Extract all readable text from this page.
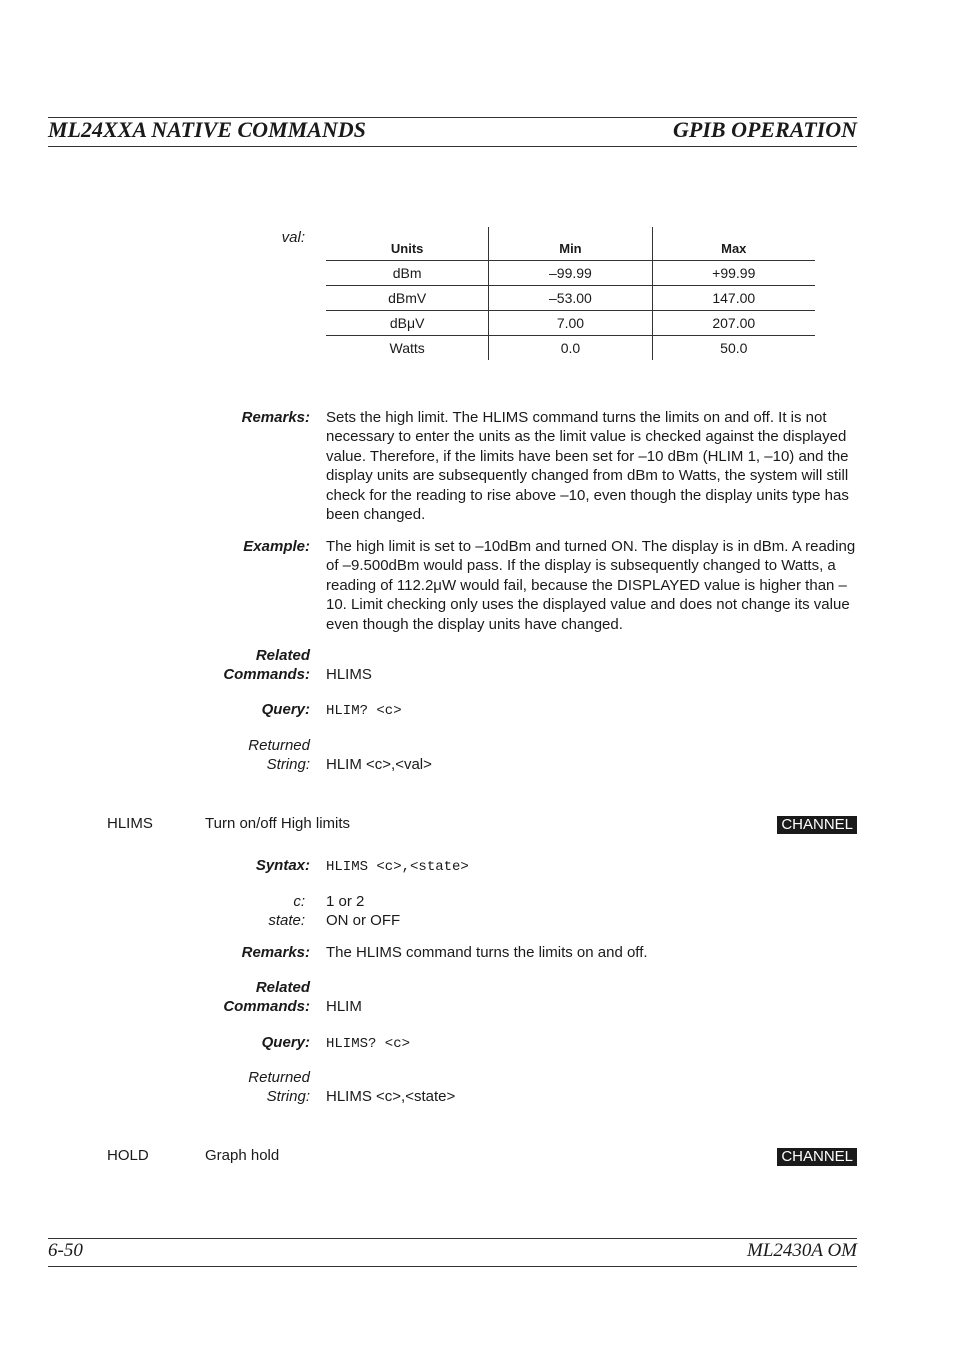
ML24XXA NATIVE COMMANDS	GPIB OPERATION
val:
Units	Min	Max
dBm	–99.99	+99.99
dBmV	–53.00	147.00
dBμV	7.00	207.00
Watts	0.0	50.0
Remarks: Sets the high limit. The HLIMS command turns the limits on and off. It is not necessary to enter the units as the limit value is checked against the displayed value. Therefore, if the limits have been set for –10 dBm (HLIM 1, –10) and the display units are subsequently changed from dBm to Watts, the system will still check for the reading to rise above –10, even though the display units type has been changed.
Example: The high limit is set to –10dBm and turned ON. The display is in dBm. A reading of –9.500dBm would pass. If the display is subsequently changed to Watts, a reading of 112.2μW would fail, because the DISPLAYED value is higher than –10. Limit checking only uses the displayed value and does not change its value even though the display units have changed.
Related
Commands: HLIMS
Query: HLIM? <c>
Returned
String: HLIM <c>,<val>
HLIMS	Turn on/off High limits	CHANNEL
Syntax: HLIMS <c>,<state>
c: 1 or 2
state: ON or OFF
Remarks: The HLIMS command turns the limits on and off.
Related
Commands: HLIM
Query: HLIMS? <c>
Returned
String: HLIMS <c>,<state>
HOLD	Graph hold	CHANNEL
6-50	ML2430A OM
